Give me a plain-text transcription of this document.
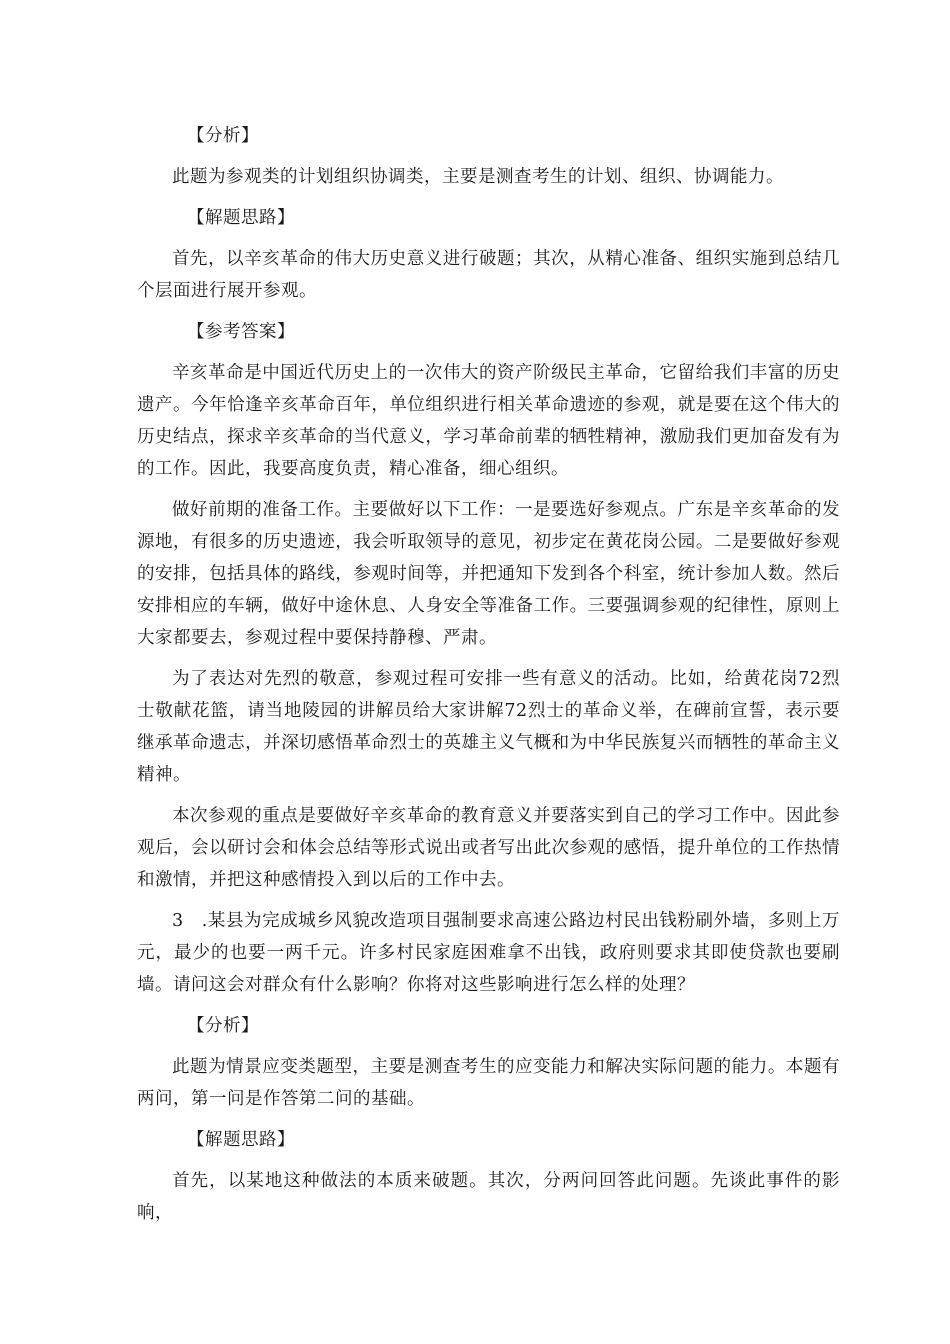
【分析】

此题为参观类的计划组织协调类，主要是测查考生的计划、组织、协调能力。

【解题思路】

首先，以辛亥革命的伟大历史意义进行破题；其次，从精心准备、组织实施到总结几个层面进行展开参观。

【参考答案】

辛亥革命是中国近代历史上的一次伟大的资产阶级民主革命，它留给我们丰富的历史遗产。今年恰逢辛亥革命百年，单位组织进行相关革命遗迹的参观，就是要在这个伟大的历史结点，探求辛亥革命的当代意义，学习革命前辈的牺牲精神，激励我们更加奋发有为的工作。因此，我要高度负责，精心准备，细心组织。

做好前期的准备工作。主要做好以下工作：一是要选好参观点。广东是辛亥革命的发源地，有很多的历史遗迹，我会听取领导的意见，初步定在黄花岗公园。二是要做好参观的安排，包括具体的路线，参观时间等，并把通知下发到各个科室，统计参加人数。然后安排相应的车辆，做好中途休息、人身安全等准备工作。三要强调参观的纪律性，原则上大家都要去，参观过程中要保持静穆、严肃。

为了表达对先烈的敬意，参观过程可安排一些有意义的活动。比如，给黄花岗72烈士敬献花篮，请当地陵园的讲解员给大家讲解72烈士的革命义举，在碑前宣誓，表示要继承革命遗志，并深切感悟革命烈士的英雄主义气概和为中华民族复兴而牺牲的革命主义精神。

本次参观的重点是要做好辛亥革命的教育意义并要落实到自己的学习工作中。因此参观后，会以研讨会和体会总结等形式说出或者写出此次参观的感悟，提升单位的工作热情和激情，并把这种感情投入到以后的工作中去。

3　.某县为完成城乡风貌改造项目强制要求高速公路边村民出钱粉刷外墙，多则上万元，最少的也要一两千元。许多村民家庭困难拿不出钱，政府则要求其即使贷款也要刷墙。请问这会对群众有什么影响？你将对这些影响进行怎么样的处理？

【分析】

此题为情景应变类题型，主要是测查考生的应变能力和解决实际问题的能力。本题有两问，第一问是作答第二问的基础。

【解题思路】

首先，以某地这种做法的本质来破题。其次，分两问回答此问题。先谈此事件的影响，
